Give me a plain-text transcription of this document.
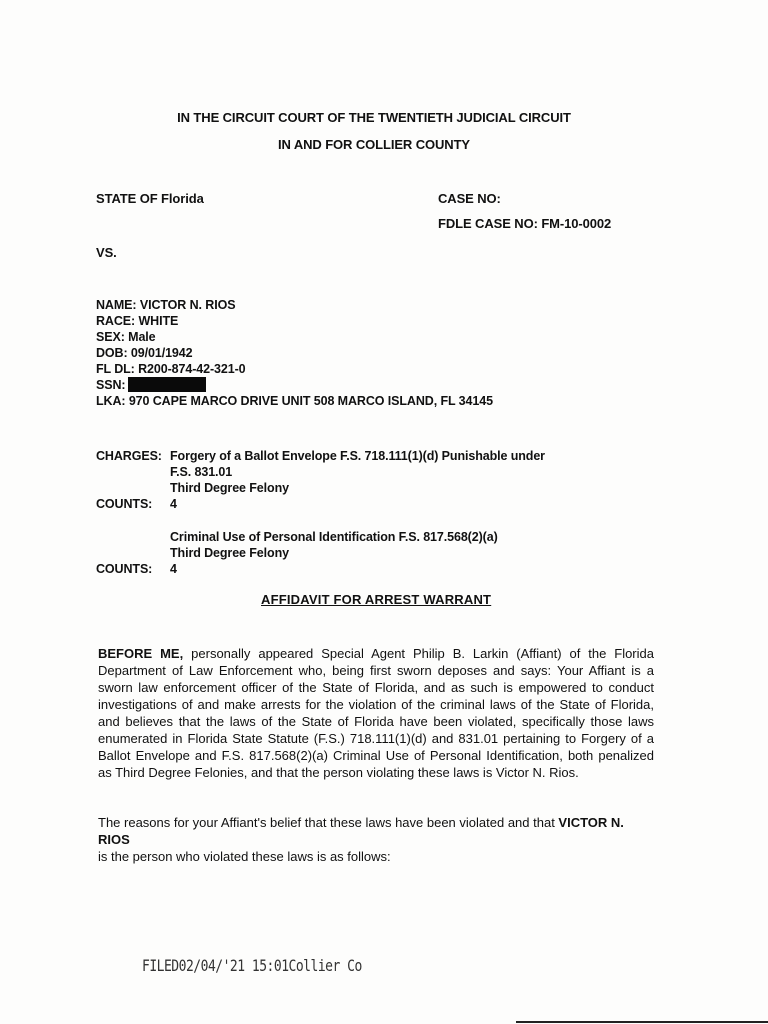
IN THE CIRCUIT COURT OF THE TWENTIETH JUDICIAL CIRCUIT
IN AND FOR COLLIER COUNTY
STATE OF Florida	CASE NO:
FDLE CASE NO: FM-10-0002
VS.
NAME: VICTOR N. RIOS
RACE: WHITE
SEX: Male
DOB: 09/01/1942
FL DL: R200-874-42-321-0
SSN:
LKA: 970 CAPE MARCO DRIVE UNIT 508 MARCO ISLAND, FL 34145
CHARGES: Forgery of a Ballot Envelope F.S. 718.111(1)(d) Punishable under
F.S. 831.01
Third Degree Felony
COUNTS:	4
Criminal Use of Personal Identification F.S. 817.568(2)(a)
Third Degree Felony
COUNTS:	4
AFFIDAVIT FOR ARREST WARRANT
BEFORE ME, personally appeared Special Agent Philip B. Larkin (Affiant) of the Florida Department of Law Enforcement who, being first sworn deposes and says: Your Affiant is a sworn law enforcement officer of the State of Florida, and as such is empowered to conduct investigations of and make arrests for the violation of the criminal laws of the State of Florida, and believes that the laws of the State of Florida have been violated, specifically those laws enumerated in Florida State Statute (F.S.) 718.111(1)(d) and 831.01 pertaining to Forgery of a Ballot Envelope and F.S. 817.568(2)(a) Criminal Use of Personal Identification, both penalized as Third Degree Felonies, and that the person violating these laws is Victor N. Rios.
The reasons for your Affiant's belief that these laws have been violated and that VICTOR N. RIOS
is the person who violated these laws is as follows:
FILED02/04/'21 15:01Collier Co
